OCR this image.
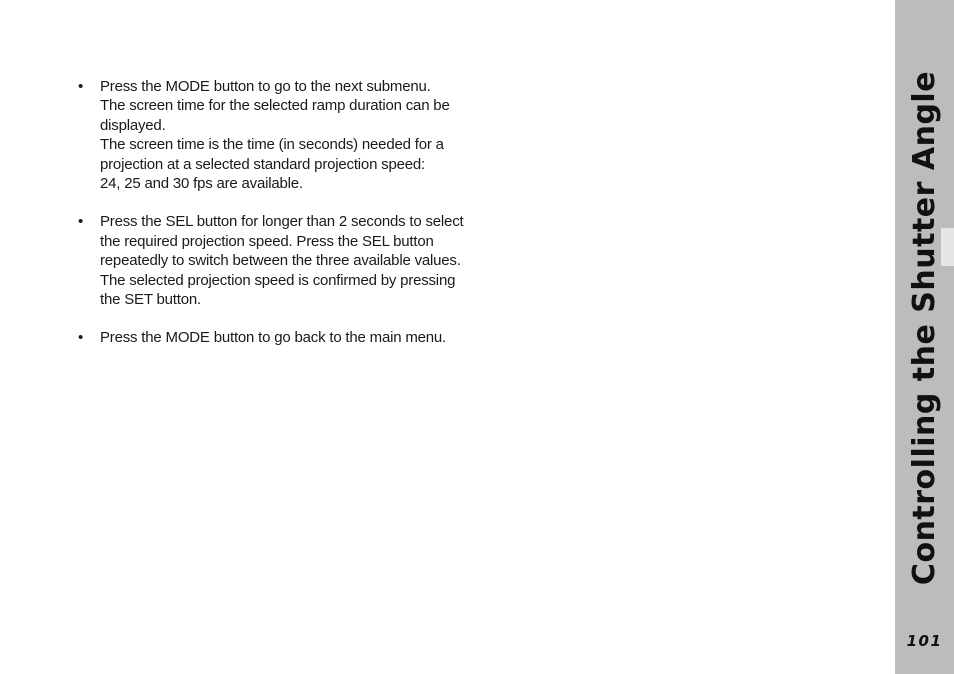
• Press the MODE button to go to the next submenu.
The screen time for the selected ramp duration can be
displayed.
The screen time is the time (in seconds) needed for a
projection at a selected standard projection speed:
24, 25 and 30 fps are available.
• Press the SEL button for longer than 2 seconds to select
the required projection speed. Press the SEL button
repeatedly to switch between the three available values.
The selected projection speed is confirmed by pressing
the SET button.
• Press the MODE button to go back to the main menu.	Controlling the Shutter Angle
101
